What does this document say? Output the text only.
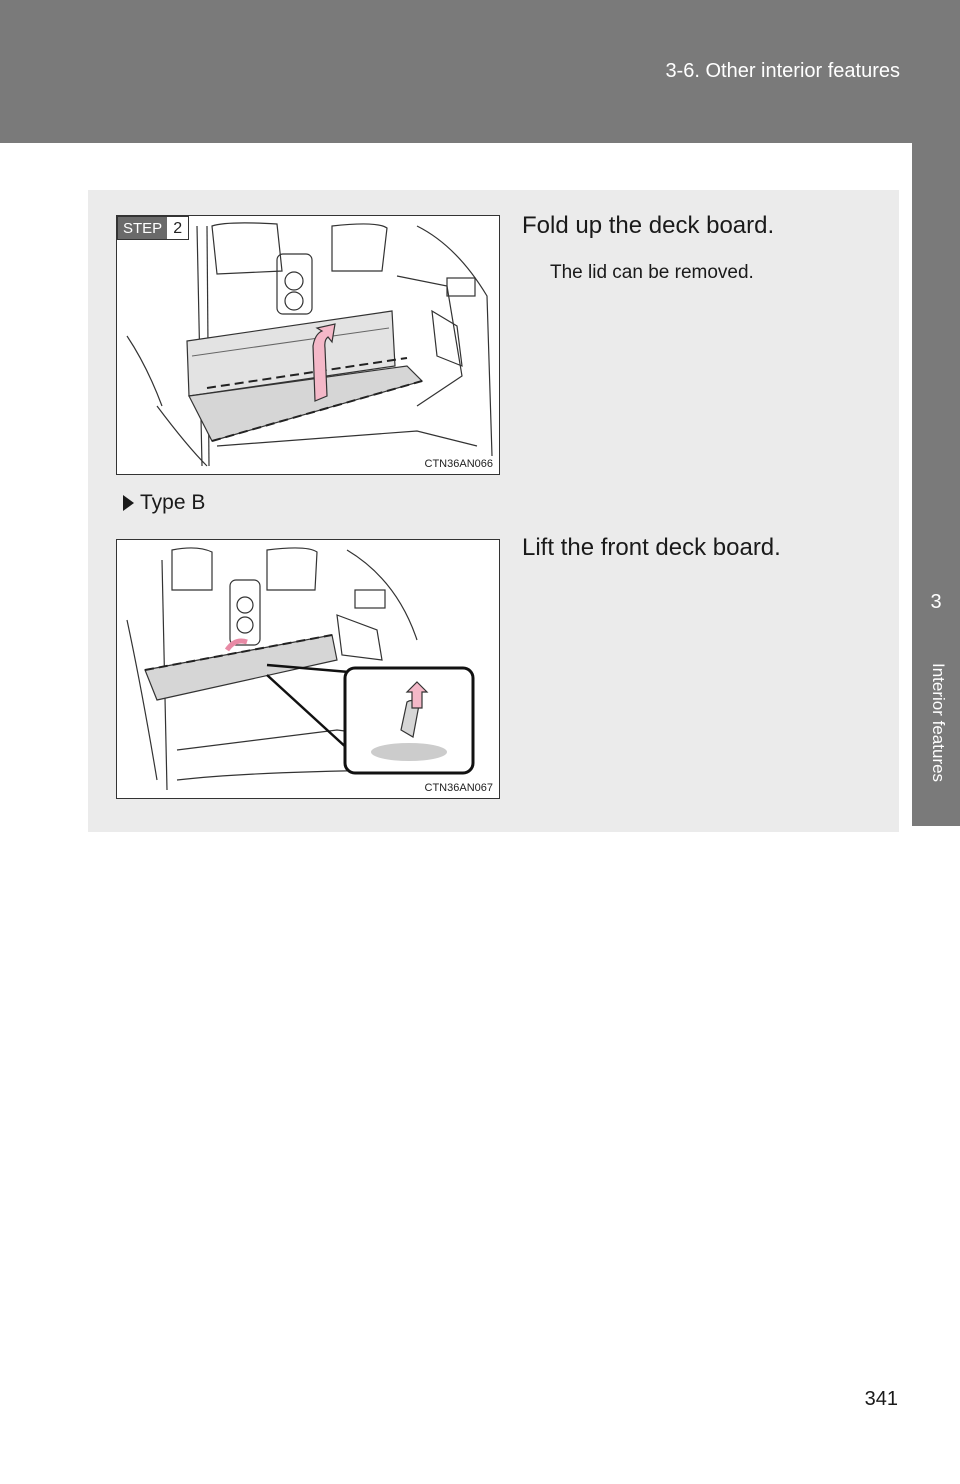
3-6. Other interior features
3
Interior features
STEP 2
CTN36AN066
Fold up the deck board.
The lid can be removed.
Type B
CTN36AN067
Lift the front deck board.
341
